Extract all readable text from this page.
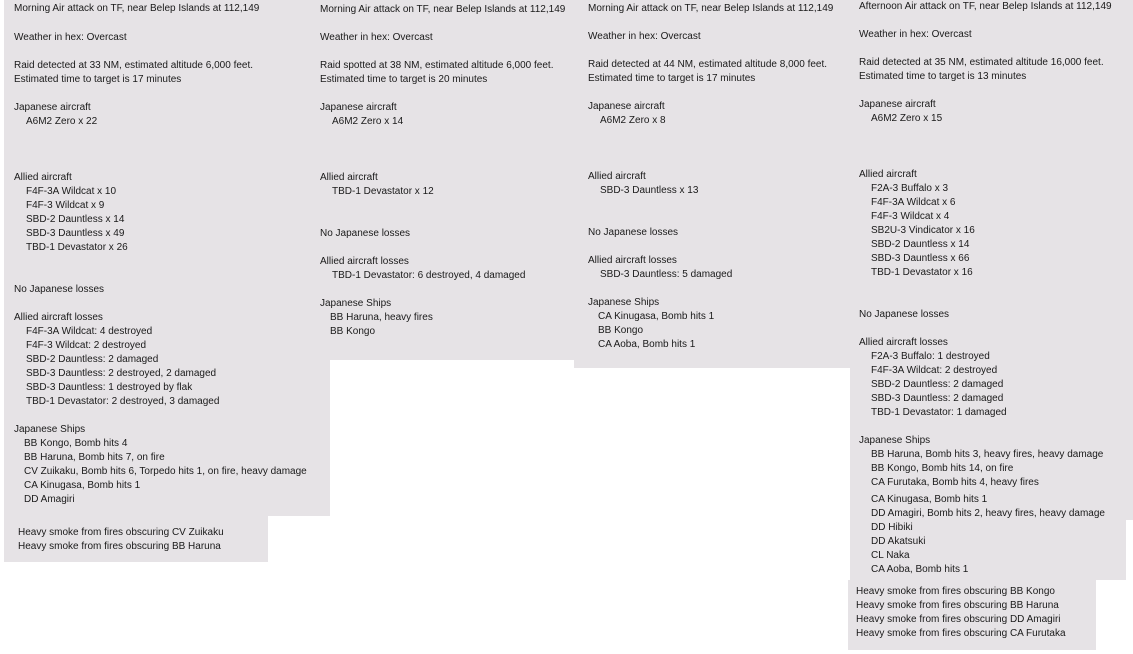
Morning Air attack on TF, near Belep Islands at 112,149
Weather in hex: Overcast
Raid detected at 33 NM, estimated altitude 6,000 feet.
Estimated time to target is 17 minutes
Japanese aircraft
A6M2 Zero x 22
Allied aircraft
F4F-3A Wildcat x 10
F4F-3 Wildcat x 9
SBD-2 Dauntless x 14
SBD-3 Dauntless x 49
TBD-1 Devastator x 26
No Japanese losses
Allied aircraft losses
F4F-3A Wildcat: 4 destroyed
F4F-3 Wildcat: 2 destroyed
SBD-2 Dauntless: 2 damaged
SBD-3 Dauntless: 2 destroyed, 2 damaged
SBD-3 Dauntless: 1 destroyed by flak
TBD-1 Devastator: 2 destroyed, 3 damaged
Japanese Ships
BB Kongo, Bomb hits 4
BB Haruna, Bomb hits 7, on fire
CV Zuikaku, Bomb hits 6, Torpedo hits 1, on fire, heavy damage
CA Kinugasa, Bomb hits 1
DD Amagiri
Heavy smoke from fires obscuring CV Zuikaku
Heavy smoke from fires obscuring BB Haruna
Morning Air attack on TF, near Belep Islands at 112,149
Weather in hex: Overcast
Raid spotted at 38 NM, estimated altitude 6,000 feet.
Estimated time to target is 20 minutes
Japanese aircraft
A6M2 Zero x 14
Allied aircraft
TBD-1 Devastator x 12
No Japanese losses
Allied aircraft losses
TBD-1 Devastator: 6 destroyed, 4 damaged
Japanese Ships
BB Haruna, heavy fires
BB Kongo
Morning Air attack on TF, near Belep Islands at 112,149
Weather in hex: Overcast
Raid detected at 44 NM, estimated altitude 8,000 feet.
Estimated time to target is 17 minutes
Japanese aircraft
A6M2 Zero x 8
Allied aircraft
SBD-3 Dauntless x 13
No Japanese losses
Allied aircraft losses
SBD-3 Dauntless: 5 damaged
Japanese Ships
CA Kinugasa, Bomb hits 1
BB Kongo
CA Aoba, Bomb hits 1
Afternoon Air attack on TF, near Belep Islands at 112,149
Weather in hex: Overcast
Raid detected at 35 NM, estimated altitude 16,000 feet.
Estimated time to target is 13 minutes
Japanese aircraft
A6M2 Zero x 15
Allied aircraft
F2A-3 Buffalo x 3
F4F-3A Wildcat x 6
F4F-3 Wildcat x 4
SB2U-3 Vindicator x 16
SBD-2 Dauntless x 14
SBD-3 Dauntless x 66
TBD-1 Devastator x 16
No Japanese losses
Allied aircraft losses
F2A-3 Buffalo: 1 destroyed
F4F-3A Wildcat: 2 destroyed
SBD-2 Dauntless: 2 damaged
SBD-3 Dauntless: 2 damaged
TBD-1 Devastator: 1 damaged
Japanese Ships
BB Haruna, Bomb hits 3, heavy fires, heavy damage
BB Kongo, Bomb hits 14, on fire
CA Furutaka, Bomb hits 4, heavy fires
CA Kinugasa, Bomb hits 1
DD Amagiri, Bomb hits 2, heavy fires, heavy damage
DD Hibiki
DD Akatsuki
CL Naka
CA Aoba, Bomb hits 1
Heavy smoke from fires obscuring BB Kongo
Heavy smoke from fires obscuring BB Haruna
Heavy smoke from fires obscuring DD Amagiri
Heavy smoke from fires obscuring CA Furutaka
